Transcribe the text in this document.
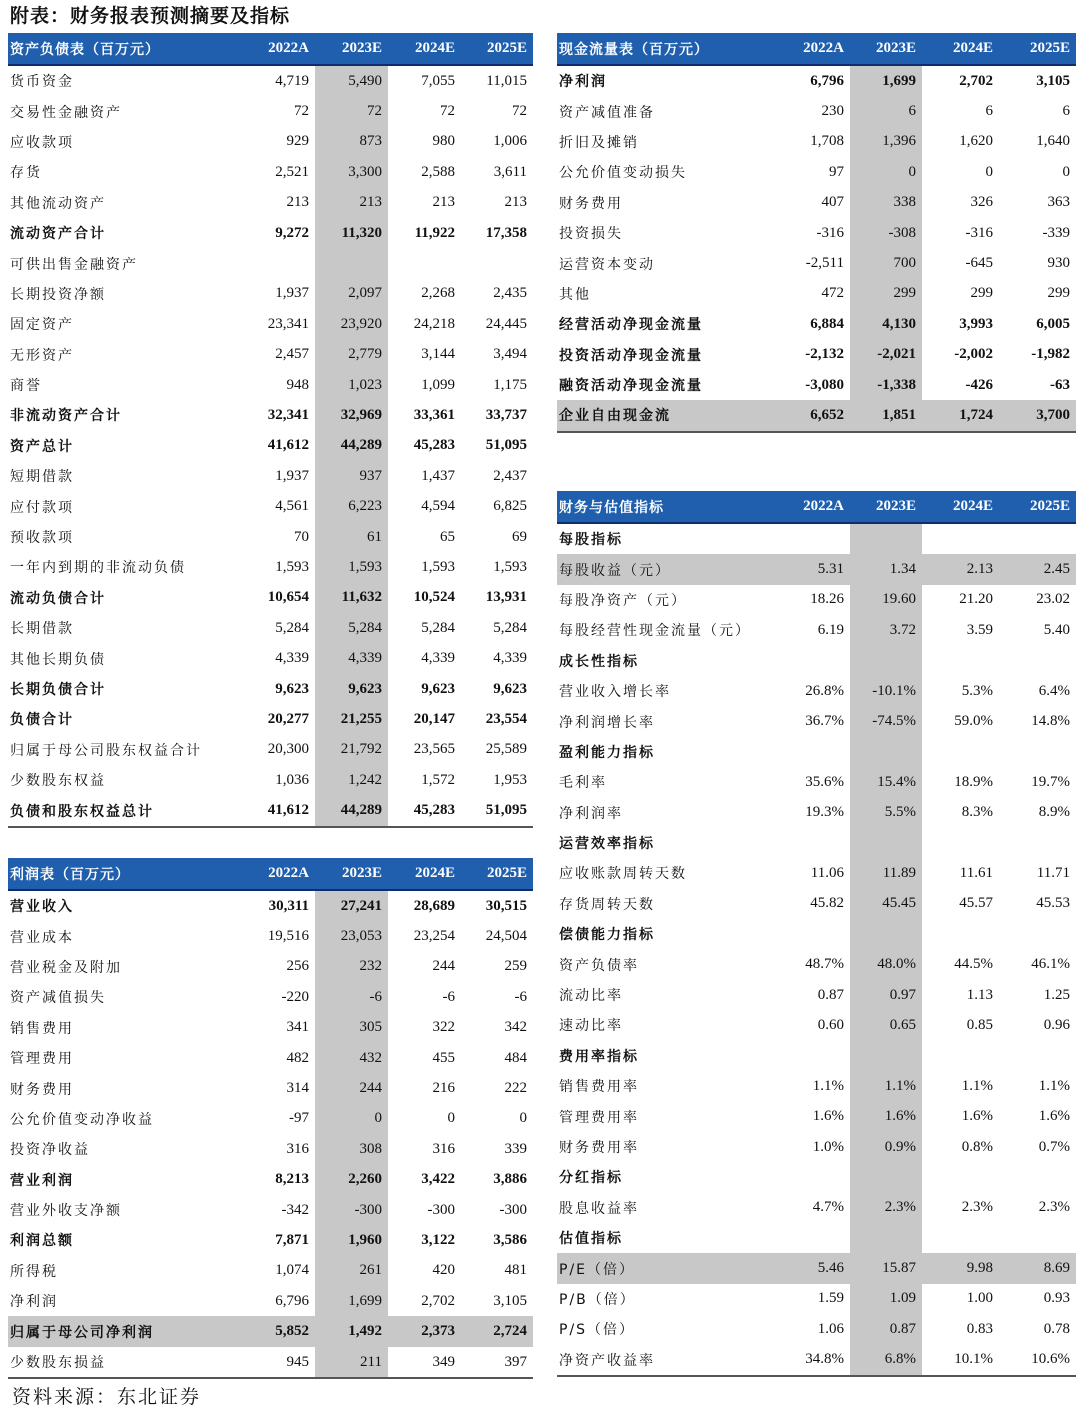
附表：财务报表预测摘要及指标
资产负债表（百万元）	2022A	2023E	2024E	2025E
货币资金	4,719	5,490	7,055	11,015
交易性金融资产	72	72	72	72
应收款项	929	873	980	1,006
存货	2,521	3,300	2,588	3,611
其他流动资产	213	213	213	213
流动资产合计	9,272	11,320	11,922	17,358
可供出售金融资产				
长期投资净额	1,937	2,097	2,268	2,435
固定资产	23,341	23,920	24,218	24,445
无形资产	2,457	2,779	3,144	3,494
商誉	948	1,023	1,099	1,175
非流动资产合计	32,341	32,969	33,361	33,737
资产总计	41,612	44,289	45,283	51,095
短期借款	1,937	937	1,437	2,437
应付款项	4,561	6,223	4,594	6,825
预收款项	70	61	65	69
一年内到期的非流动负债	1,593	1,593	1,593	1,593
流动负债合计	10,654	11,632	10,524	13,931
长期借款	5,284	5,284	5,284	5,284
其他长期负债	4,339	4,339	4,339	4,339
长期负债合计	9,623	9,623	9,623	9,623
负债合计	20,277	21,255	20,147	23,554
归属于母公司股东权益合计	20,300	21,792	23,565	25,589
少数股东权益	1,036	1,242	1,572	1,953
负债和股东权益总计	41,612	44,289	45,283	51,095
现金流量表（百万元）	2022A	2023E	2024E	2025E
净利润	6,796	1,699	2,702	3,105
资产减值准备	230	6	6	6
折旧及摊销	1,708	1,396	1,620	1,640
公允价值变动损失	97	0	0	0
财务费用	407	338	326	363
投资损失	-316	-308	-316	-339
运营资本变动	-2,511	700	-645	930
其他	472	299	299	299
经营活动净现金流量	6,884	4,130	3,993	6,005
投资活动净现金流量	-2,132	-2,021	-2,002	-1,982
融资活动净现金流量	-3,080	-1,338	-426	-63
企业自由现金流	6,652	1,851	1,724	3,700
财务与估值指标	2022A	2023E	2024E	2025E
每股指标				
每股收益（元）	5.31	1.34	2.13	2.45
每股净资产（元）	18.26	19.60	21.20	23.02
每股经营性现金流量（元）	6.19	3.72	3.59	5.40
成长性指标				
营业收入增长率	26.8%	-10.1%	5.3%	6.4%
净利润增长率	36.7%	-74.5%	59.0%	14.8%
盈利能力指标				
毛利率	35.6%	15.4%	18.9%	19.7%
净利润率	19.3%	5.5%	8.3%	8.9%
运营效率指标				
应收账款周转天数	11.06	11.89	11.61	11.71
存货周转天数	45.82	45.45	45.57	45.53
偿债能力指标				
资产负债率	48.7%	48.0%	44.5%	46.1%
流动比率	0.87	0.97	1.13	1.25
速动比率	0.60	0.65	0.85	0.96
费用率指标				
销售费用率	1.1%	1.1%	1.1%	1.1%
管理费用率	1.6%	1.6%	1.6%	1.6%
财务费用率	1.0%	0.9%	0.8%	0.7%
分红指标				
股息收益率	4.7%	2.3%	2.3%	2.3%
估值指标				
P/E（倍）	5.46	15.87	9.98	8.69
P/B（倍）	1.59	1.09	1.00	0.93
P/S（倍）	1.06	0.87	0.83	0.78
净资产收益率	34.8%	6.8%	10.1%	10.6%
利润表（百万元）	2022A	2023E	2024E	2025E
营业收入	30,311	27,241	28,689	30,515
营业成本	19,516	23,053	23,254	24,504
营业税金及附加	256	232	244	259
资产减值损失	-220	-6	-6	-6
销售费用	341	305	322	342
管理费用	482	432	455	484
财务费用	314	244	216	222
公允价值变动净收益	-97	0	0	0
投资净收益	316	308	316	339
营业利润	8,213	2,260	3,422	3,886
营业外收支净额	-342	-300	-300	-300
利润总额	7,871	1,960	3,122	3,586
所得税	1,074	261	420	481
净利润	6,796	1,699	2,702	3,105
归属于母公司净利润	5,852	1,492	2,373	2,724
少数股东损益	945	211	349	397
资料来源：东北证券
